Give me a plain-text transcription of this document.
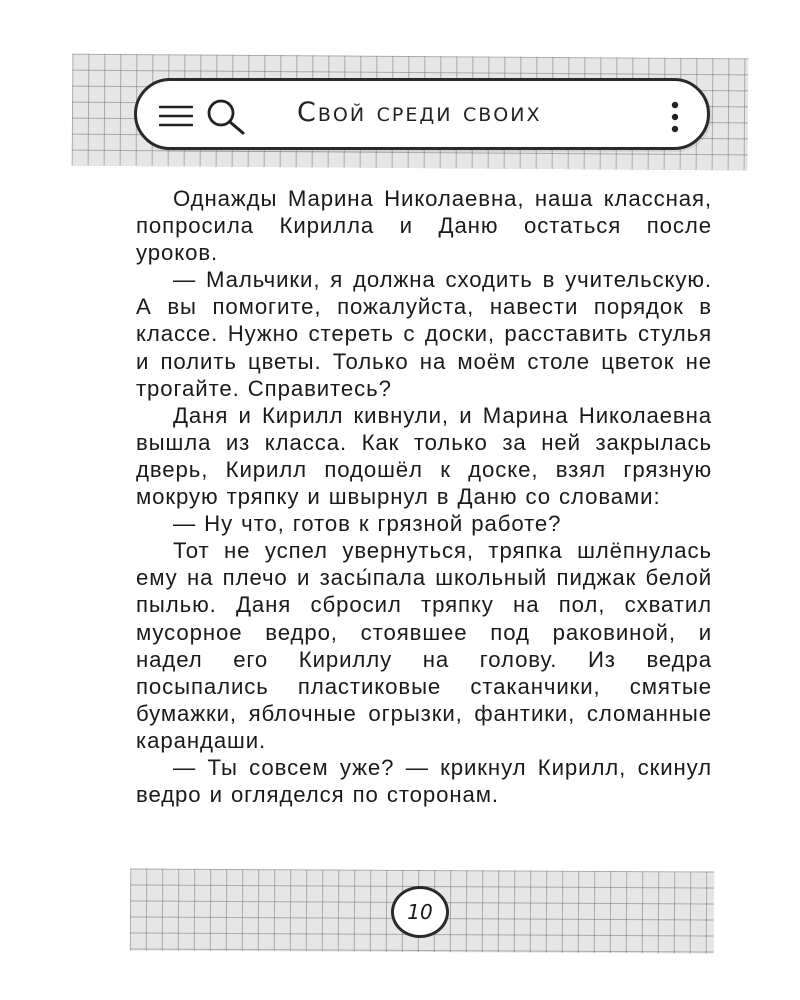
Свой среди своих

Однажды Марина Николаевна, наша классная, попросила Кирилла и Даню остаться после уроков.

— Мальчики, я должна сходить в учительскую. А вы помогите, пожалуйста, навести порядок в классе. Нужно стереть с доски, расставить стулья и полить цветы. Только на моём столе цветок не трогайте. Справитесь?

Даня и Кирилл кивнули, и Марина Николаевна вышла из класса. Как только за ней закрылась дверь, Кирилл подошёл к доске, взял грязную мокрую тряпку и швырнул в Даню со словами:

— Ну что, готов к грязной работе?

Тот не успел увернуться, тряпка шлёпнулась ему на плечо и засы́пала школьный пиджак белой пылью. Даня сбросил тряпку на пол, схватил мусорное ведро, стоявшее под раковиной, и надел его Кириллу на голову. Из ведра посыпались пластиковые стаканчики, смятые бумажки, яблочные огрызки, фантики, сломанные карандаши.

— Ты совсем уже? — крикнул Кирилл, скинул ведро и огляделся по сторонам.

10
